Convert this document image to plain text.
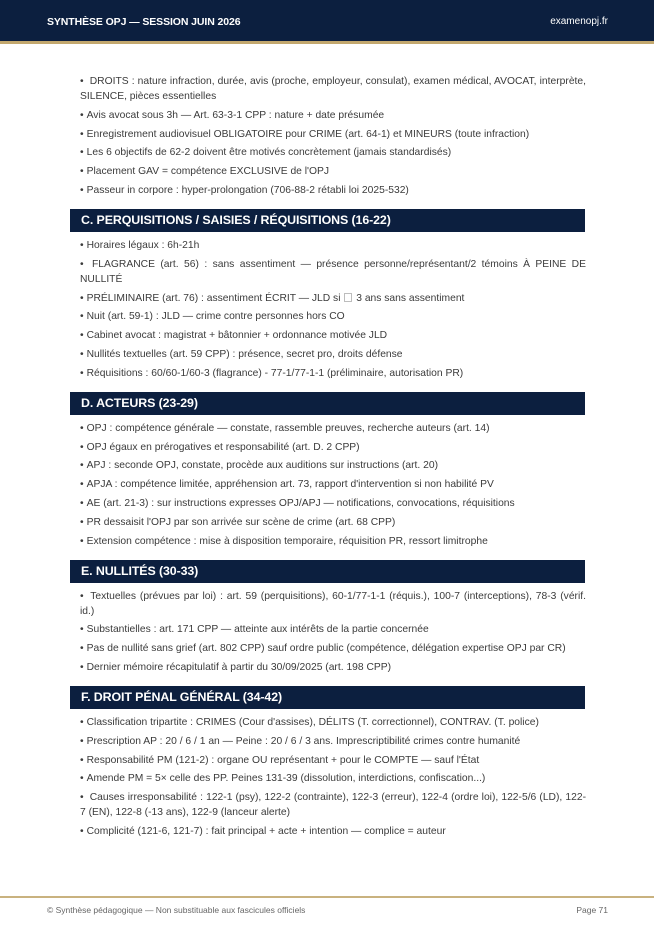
SYNTHÈSE OPJ — SESSION JUIN 2026	examenopj.fr

• DROITS : nature infraction, durée, avis (proche, employeur, consulat), examen médical, AVOCAT, interprète, SILENCE, pièces essentielles

• Avis avocat sous 3h — Art. 63-3-1 CPP : nature + date présumée

• Enregistrement audiovisuel OBLIGATOIRE pour CRIME (art. 64-1) et MINEURS (toute infraction)

• Les 6 objectifs de 62-2 doivent être motivés concrètement (jamais standardisés)

• Placement GAV = compétence EXCLUSIVE de l'OPJ

• Passeur in corpore : hyper-prolongation (706-88-2 rétabli loi 2025-532)

C. PERQUISITIONS / SAISIES / RÉQUISITIONS (16-22)

• Horaires légaux : 6h-21h

• FLAGRANCE (art. 56) : sans assentiment — présence personne/représentant/2 témoins À PEINE DE NULLITÉ

• PRÉLIMINAIRE (art. 76) : assentiment ÉCRIT — JLD si 3 ans sans assentiment

• Nuit (art. 59-1) : JLD — crime contre personnes hors CO

• Cabinet avocat : magistrat + bâtonnier + ordonnance motivée JLD

• Nullités textuelles (art. 59 CPP) : présence, secret pro, droits défense

• Réquisitions : 60/60-1/60-3 (flagrance) - 77-1/77-1-1 (préliminaire, autorisation PR)

D. ACTEURS (23-29)

• OPJ : compétence générale — constate, rassemble preuves, recherche auteurs (art. 14)

• OPJ égaux en prérogatives et responsabilité (art. D. 2 CPP)

• APJ : seconde OPJ, constate, procède aux auditions sur instructions (art. 20)

• APJA : compétence limitée, appréhension art. 73, rapport d'intervention si non habilité PV

• AE (art. 21-3) : sur instructions expresses OPJ/APJ — notifications, convocations, réquisitions

• PR dessaisit l'OPJ par son arrivée sur scène de crime (art. 68 CPP)

• Extension compétence : mise à disposition temporaire, réquisition PR, ressort limitrophe

E. NULLITÉS (30-33)

• Textuelles (prévues par loi) : art. 59 (perquisitions), 60-1/77-1-1 (réquis.), 100-7 (interceptions), 78-3 (vérif. id.)

• Substantielles : art. 171 CPP — atteinte aux intérêts de la partie concernée

• Pas de nullité sans grief (art. 802 CPP) sauf ordre public (compétence, délégation expertise OPJ par CR)

• Dernier mémoire récapitulatif à partir du 30/09/2025 (art. 198 CPP)

F. DROIT PÉNAL GÉNÉRAL (34-42)

• Classification tripartite : CRIMES (Cour d'assises), DÉLITS (T. correctionnel), CONTRAV. (T. police)

• Prescription AP : 20 / 6 / 1 an — Peine : 20 / 6 / 3 ans. Imprescriptibilité crimes contre humanité

• Responsabilité PM (121-2) : organe OU représentant + pour le COMPTE — sauf l'État

• Amende PM = 5× celle des PP. Peines 131-39 (dissolution, interdictions, confiscation...)

• Causes irresponsabilité : 122-1 (psy), 122-2 (contrainte), 122-3 (erreur), 122-4 (ordre loi), 122-5/6 (LD), 122-7 (EN), 122-8 (-13 ans), 122-9 (lanceur alerte)

• Complicité (121-6, 121-7) : fait principal + acte + intention — complice = auteur

© Synthèse pédagogique — Non substituable aux fascicules officiels	Page 71
